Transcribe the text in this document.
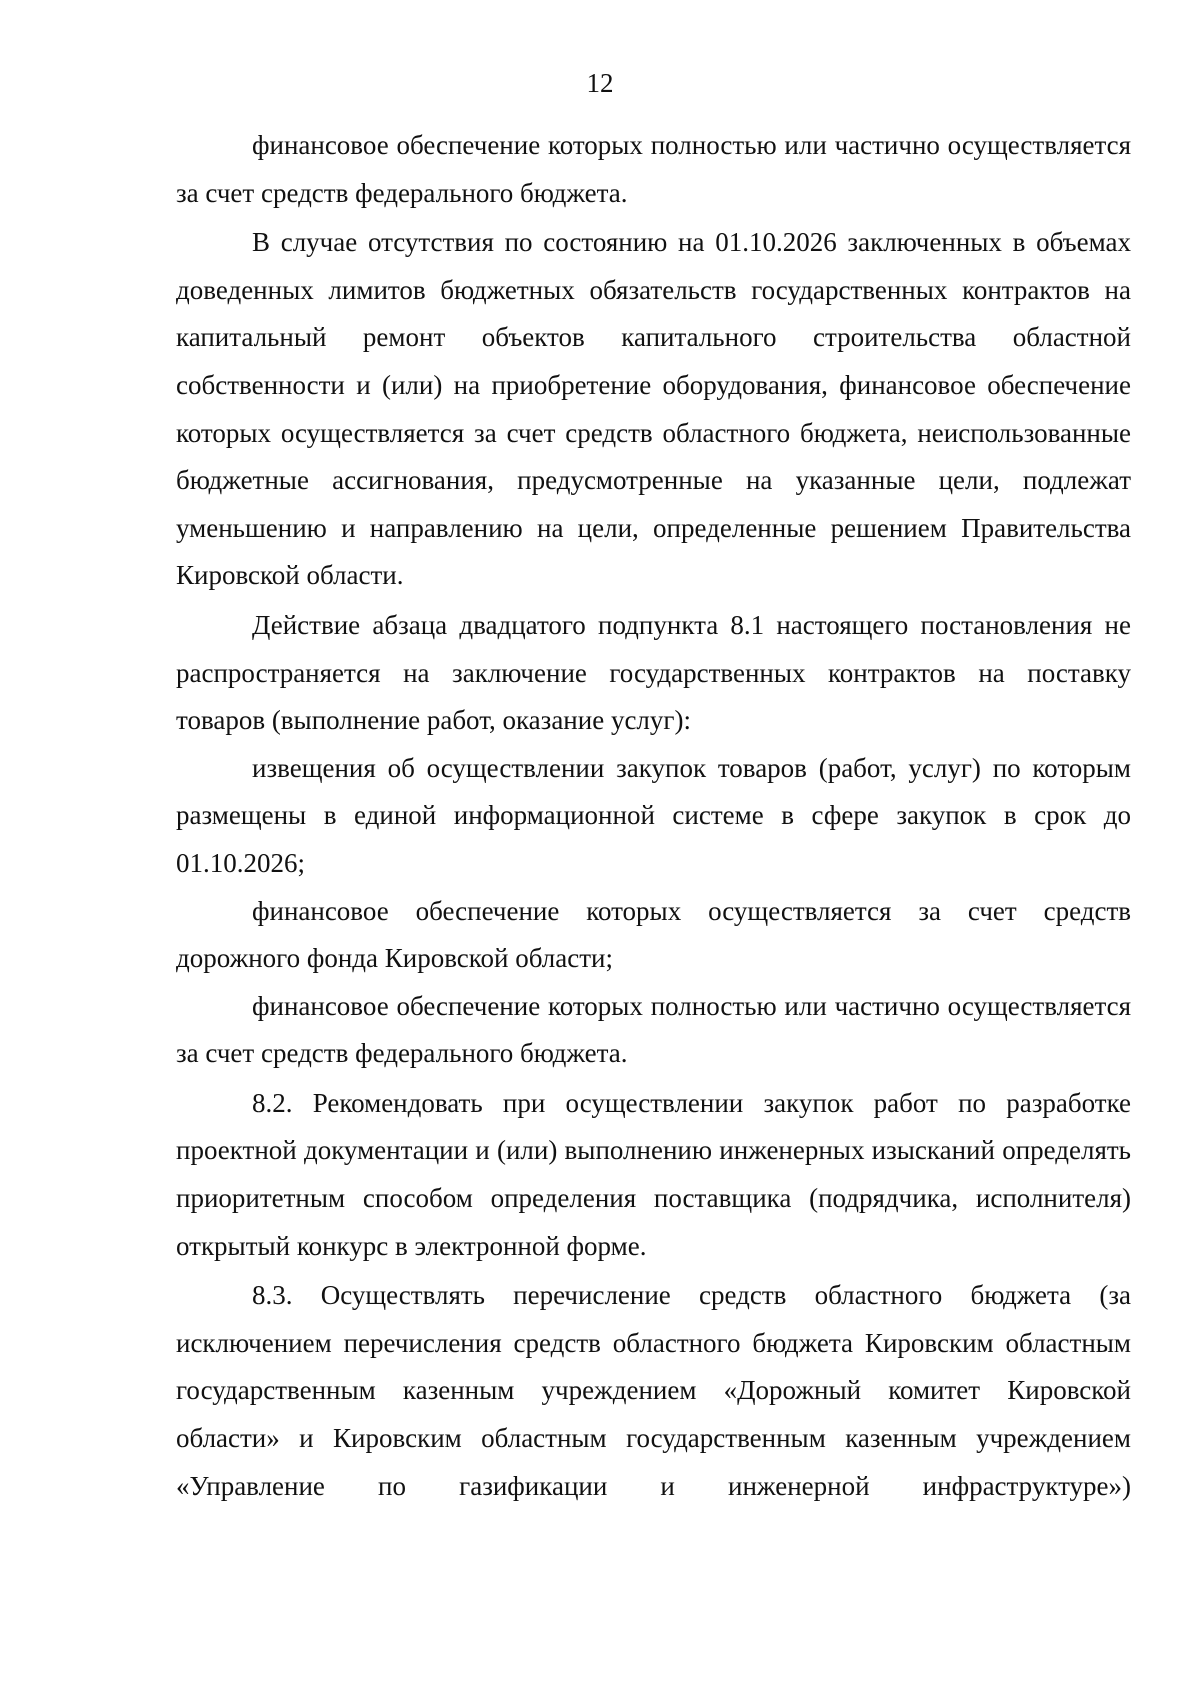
12

финансовое обеспечение которых полностью или частично осуществляется за счет средств федерального бюджета.

В случае отсутствия по состоянию на 01.10.2026 заключенных в объемах доведенных лимитов бюджетных обязательств государственных контрактов на капитальный ремонт объектов капитального строительства областной собственности и (или) на приобретение оборудования, финансовое обеспечение которых осуществляется за счет средств областного бюджета, неиспользованные бюджетные ассигнования, предусмотренные на указанные цели, подлежат уменьшению и направлению на цели, определенные решением Правительства Кировской области.

Действие абзаца двадцатого подпункта 8.1 настоящего постановления не распространяется на заключение государственных контрактов на поставку товаров (выполнение работ, оказание услуг):

извещения об осуществлении закупок товаров (работ, услуг) по которым размещены в единой информационной системе в сфере закупок в срок до 01.10.2026;

финансовое обеспечение которых осуществляется за счет средств дорожного фонда Кировской области;

финансовое обеспечение которых полностью или частично осуществляется за счет средств федерального бюджета.

8.2. Рекомендовать при осуществлении закупок работ по разработке проектной документации и (или) выполнению инженерных изысканий определять приоритетным способом определения поставщика (подрядчика, исполнителя) открытый конкурс в электронной форме.

8.3. Осуществлять перечисление средств областного бюджета (за исключением перечисления средств областного бюджета Кировским областным государственным казенным учреждением «Дорожный комитет Кировской области» и Кировским областным государственным казенным учреждением «Управление по газификации и инженерной инфраструктуре»)
